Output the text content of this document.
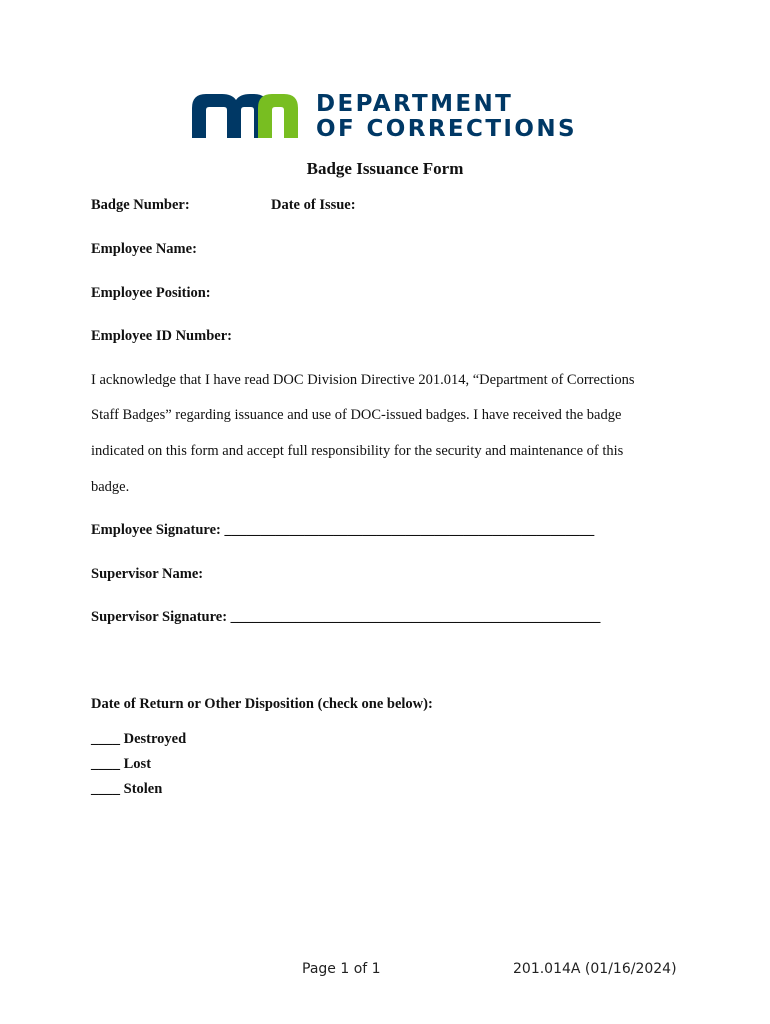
DEPARTMENT
OF CORRECTIONS
Badge Issuance Form
Badge Number:	Date of Issue:
Employee Name:
Employee Position:
Employee ID Number:
I acknowledge that I have read DOC Division Directive 201.014, “Department of Corrections
Staff Badges” regarding issuance and use of DOC-issued badges. I have received the badge
indicated on this form and accept full responsibility for the security and maintenance of this
badge.
Employee Signature: ___________________________________________________
Supervisor Name:
Supervisor Signature: ___________________________________________________
Date of Return or Other Disposition (check one below):
____ Destroyed
____ Lost
____ Stolen
Page 1 of 1	201.014A (01/16/2024)
